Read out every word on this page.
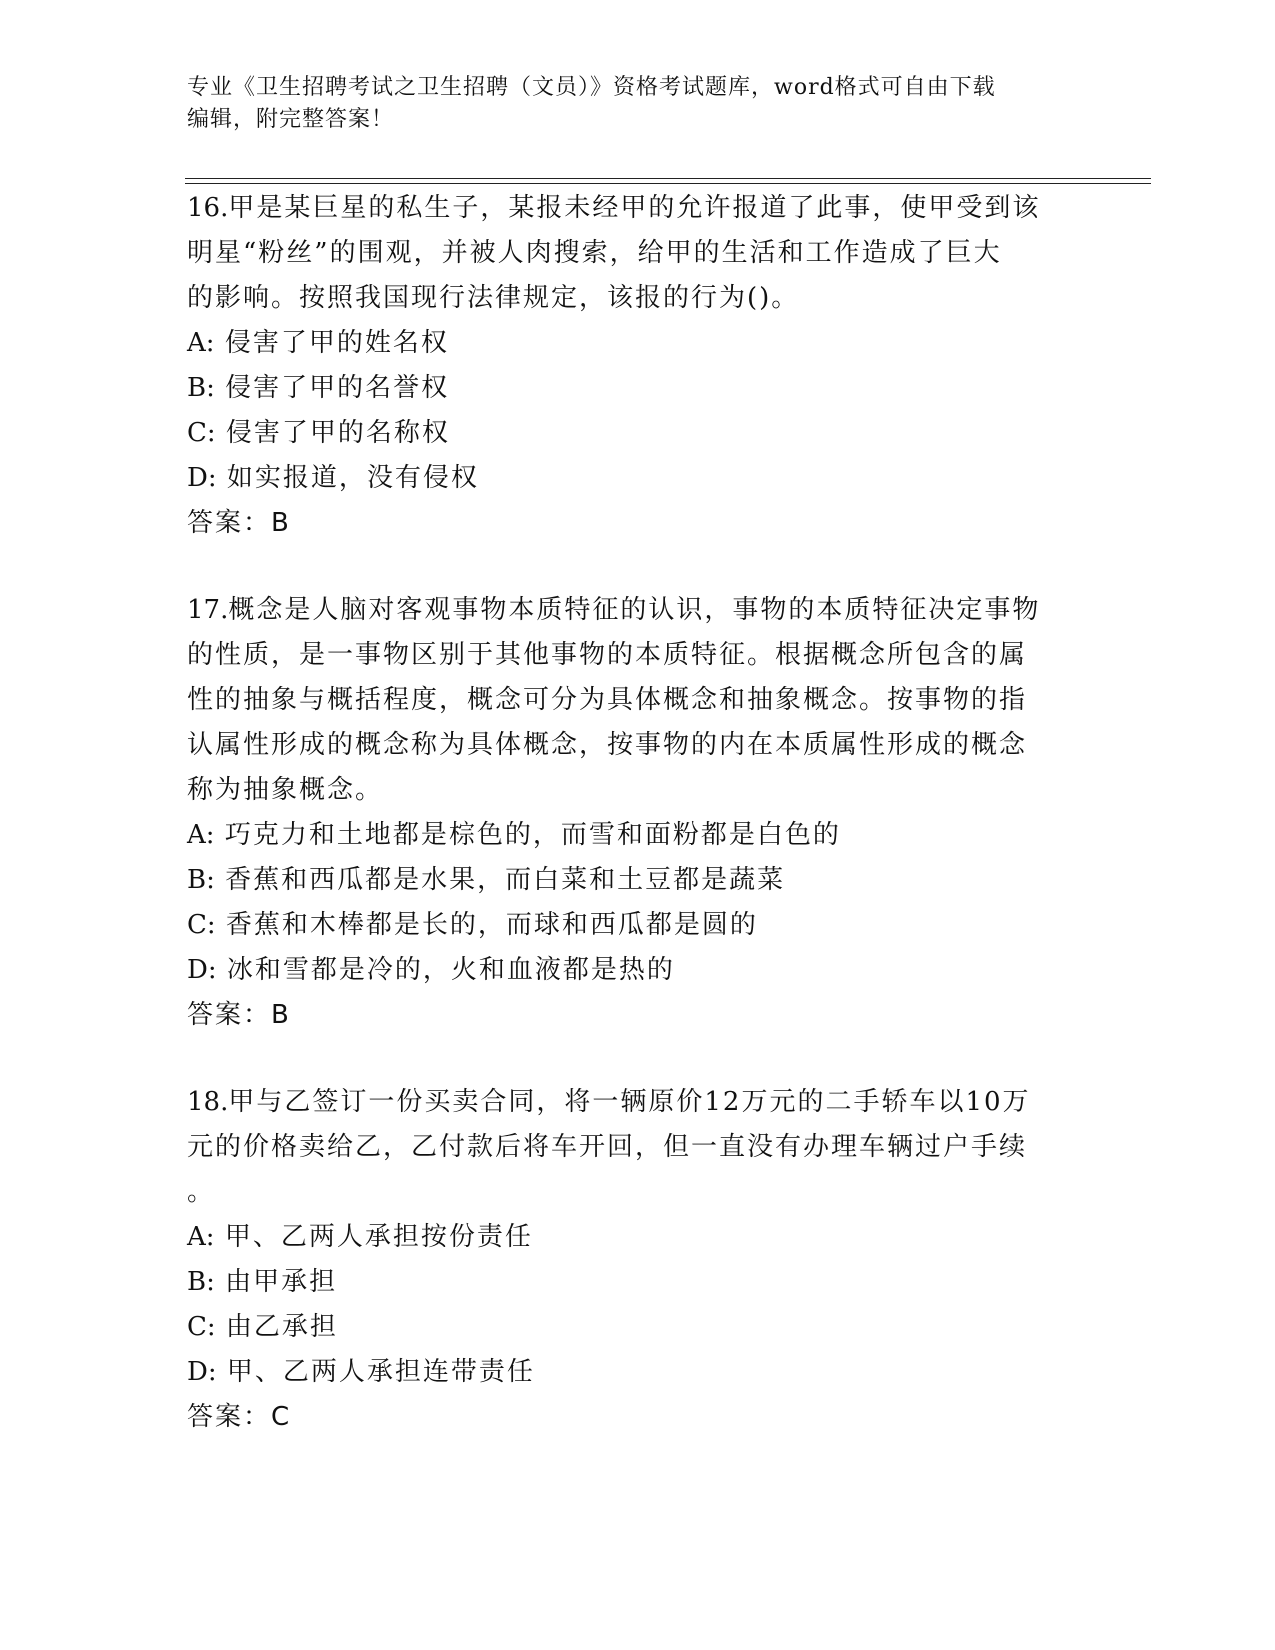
专业《卫生招聘考试之卫生招聘（文员）》资格考试题库，word格式可自由下载
编辑，附完整答案！

16.甲是某巨星的私生子，某报未经甲的允许报道了此事，使甲受到该

明星“粉丝”的围观，并被人肉搜索，给甲的生活和工作造成了巨大

的影响。按照我国现行法律规定，该报的行为()。

A: 侵害了甲的姓名权

B: 侵害了甲的名誉权

C: 侵害了甲的名称权

D: 如实报道，没有侵权

答案：B

17.概念是人脑对客观事物本质特征的认识，事物的本质特征决定事物

的性质，是一事物区别于其他事物的本质特征。根据概念所包含的属

性的抽象与概括程度，概念可分为具体概念和抽象概念。按事物的指

认属性形成的概念称为具体概念，按事物的内在本质属性形成的概念

称为抽象概念。

A: 巧克力和土地都是棕色的，而雪和面粉都是白色的

B: 香蕉和西瓜都是水果，而白菜和土豆都是蔬菜

C: 香蕉和木棒都是长的，而球和西瓜都是圆的

D: 冰和雪都是冷的，火和血液都是热的

答案：B

18.甲与乙签订一份买卖合同，将一辆原价12万元的二手轿车以10万

元的价格卖给乙，乙付款后将车开回，但一直没有办理车辆过户手续

。

A: 甲、乙两人承担按份责任

B: 由甲承担

C: 由乙承担

D: 甲、乙两人承担连带责任

答案：C
